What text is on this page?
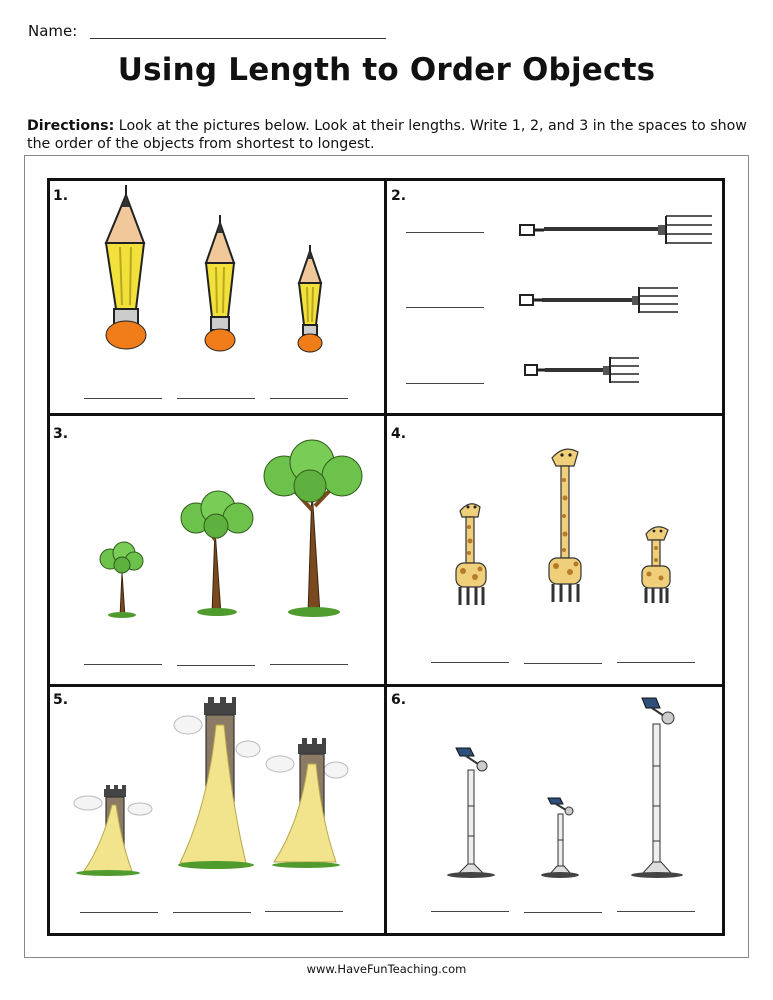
Name:
Using Length to Order Objects
Directions: Look at the pictures below. Look at their lengths. Write 1, 2, and 3 in the spaces to show the order of the objects from shortest to longest.
1.	2.
3.	4.
5.	6.
www.HaveFunTeaching.com
